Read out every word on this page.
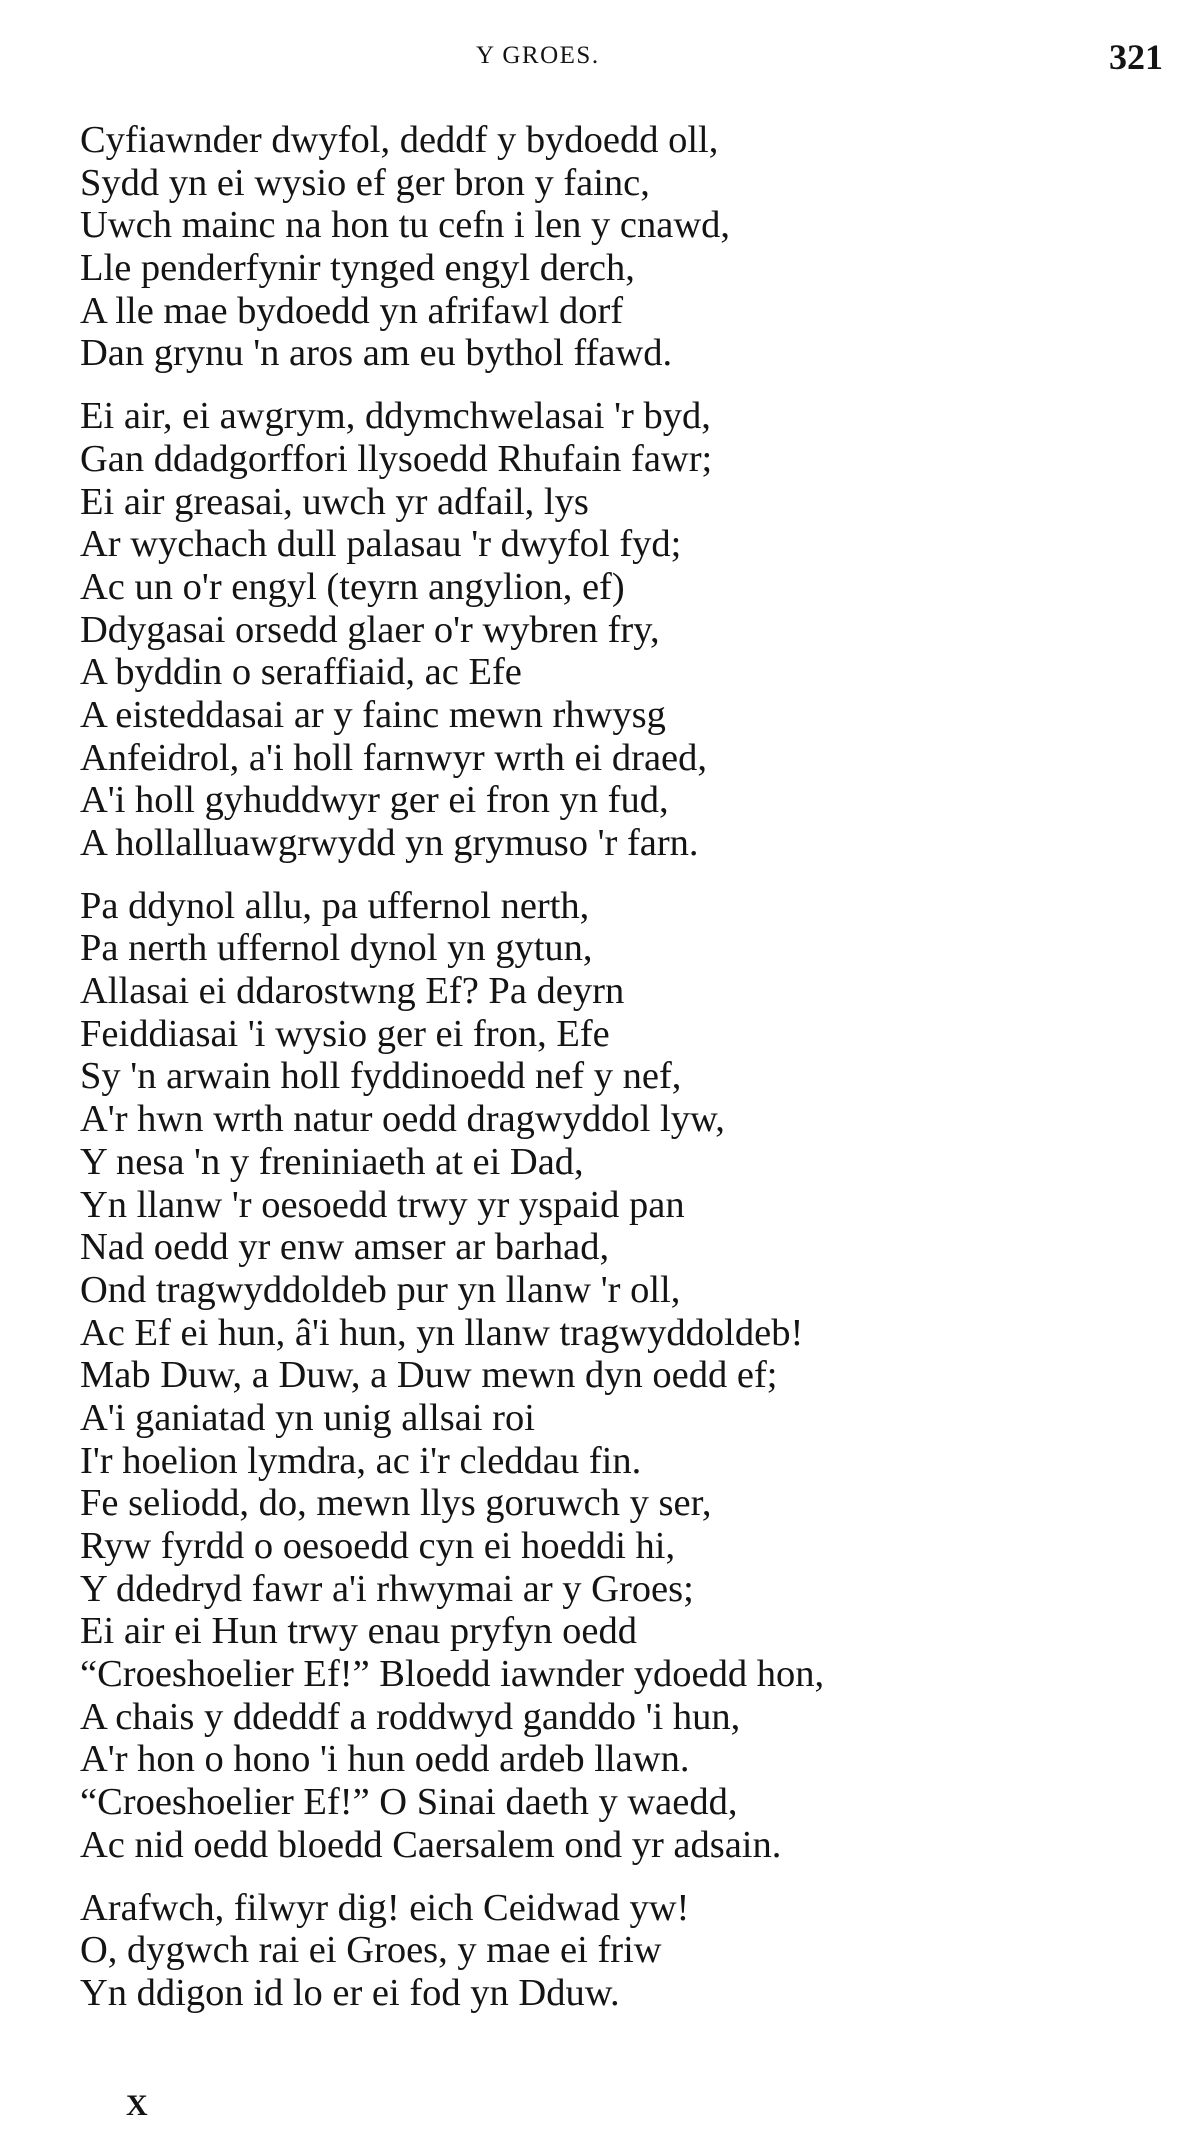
Y GROES.	321
Cyfiawnder dwyfol, deddf y bydoedd oll,
Sydd yn ei wysio ef ger bron y fainc,
Uwch mainc na hon tu cefn i len y cnawd,
Lle penderfynir tynged engyl derch,
A lle mae bydoedd yn afrifawl dorf
Dan grynu 'n aros am eu bythol ffawd.
Ei air, ei awgrym, ddymchwelasai 'r byd,
Gan ddadgorffori llysoedd Rhufain fawr;
Ei air greasai, uwch yr adfail, lys
Ar wychach dull palasau 'r dwyfol fyd;
Ac un o'r engyl (teyrn angylion, ef)
Ddygasai orsedd glaer o'r wybren fry,
A byddin o seraffiaid, ac Efe
A eisteddasai ar y fainc mewn rhwysg
Anfeidrol, a'i holl farnwyr wrth ei draed,
A'i holl gyhuddwyr ger ei fron yn fud,
A hollalluawgrwydd yn grymuso 'r farn.
Pa ddynol allu, pa uffernol nerth,
Pa nerth uffernol dynol yn gytun,
Allasai ei ddarostwng Ef? Pa deyrn
Feiddiasai 'i wysio ger ei fron, Efe
Sy 'n arwain holl fyddinoedd nef y nef,
A'r hwn wrth natur oedd dragwyddol lyw,
Y nesa 'n y freniniaeth at ei Dad,
Yn llanw 'r oesoedd trwy yr yspaid pan
Nad oedd yr enw amser ar barhad,
Ond tragwyddoldeb pur yn llanw 'r oll,
Ac Ef ei hun, â'i hun, yn llanw tragwyddoldeb!
Mab Duw, a Duw, a Duw mewn dyn oedd ef;
A'i ganiatad yn unig allsai roi
I'r hoelion lymdra, ac i'r cleddau fin.
Fe seliodd, do, mewn llys goruwch y ser,
Ryw fyrdd o oesoedd cyn ei hoeddi hi,
Y ddedryd fawr a'i rhwymai ar y Groes;
Ei air ei Hun trwy enau pryfyn oedd
“Croeshoelier Ef!” Bloedd iawnder ydoedd hon,
A chais y ddeddf a roddwyd ganddo 'i hun,
A'r hon o hono 'i hun oedd ardeb llawn.
“Croeshoelier Ef!” O Sinai daeth y waedd,
Ac nid oedd bloedd Caersalem ond yr adsain.
Arafwch, filwyr dig! eich Ceidwad yw!
O, dygwch rai ei Groes, y mae ei friw
Yn ddigon id lo er ei fod yn Dduw.
X
